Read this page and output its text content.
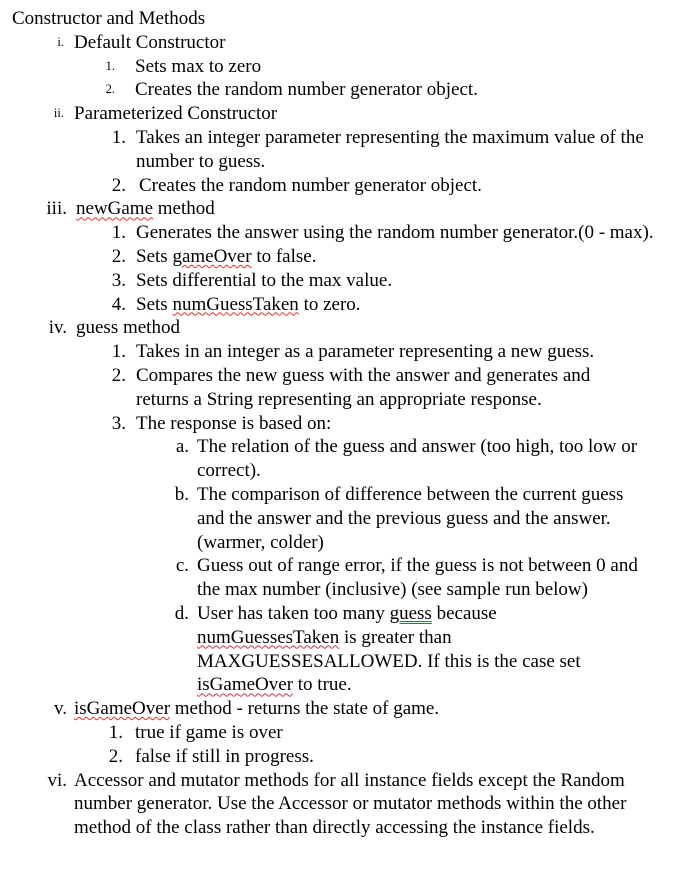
Constructor and Methods
i. Default Constructor
1. Sets max to zero
2. Creates the random number generator object.
ii. Parameterized Constructor
1. Takes an integer parameter representing the maximum value of the number to guess.
2. Creates the random number generator object.
iii. newGame method
1. Generates the answer using the random number generator.(0 - max).
2. Sets gameOver to false.
3. Sets differential to the max value.
4. Sets numGuessTaken to zero.
iv. guess method
1. Takes in an integer as a parameter representing a new guess.
2. Compares the new guess with the answer and generates and returns a String representing an appropriate response.
3. The response is based on:
a. The relation of the guess and answer (too high, too low or correct).
b. The comparison of difference between the current guess and the answer and the previous guess and the answer. (warmer, colder)
c. Guess out of range error, if the guess is not between 0 and the max number (inclusive) (see sample run below)
d. User has taken too many guess because
numGuessesTaken is greater than
MAXGUESSESALLOWED. If this is the case set
isGameOver to true.
v. isGameOver method - returns the state of game.
1. true if game is over
2. false if still in progress.
vi. Accessor and mutator methods for all instance fields except the Random number generator. Use the Accessor or mutator methods within the other method of the class rather than directly accessing the instance fields.
